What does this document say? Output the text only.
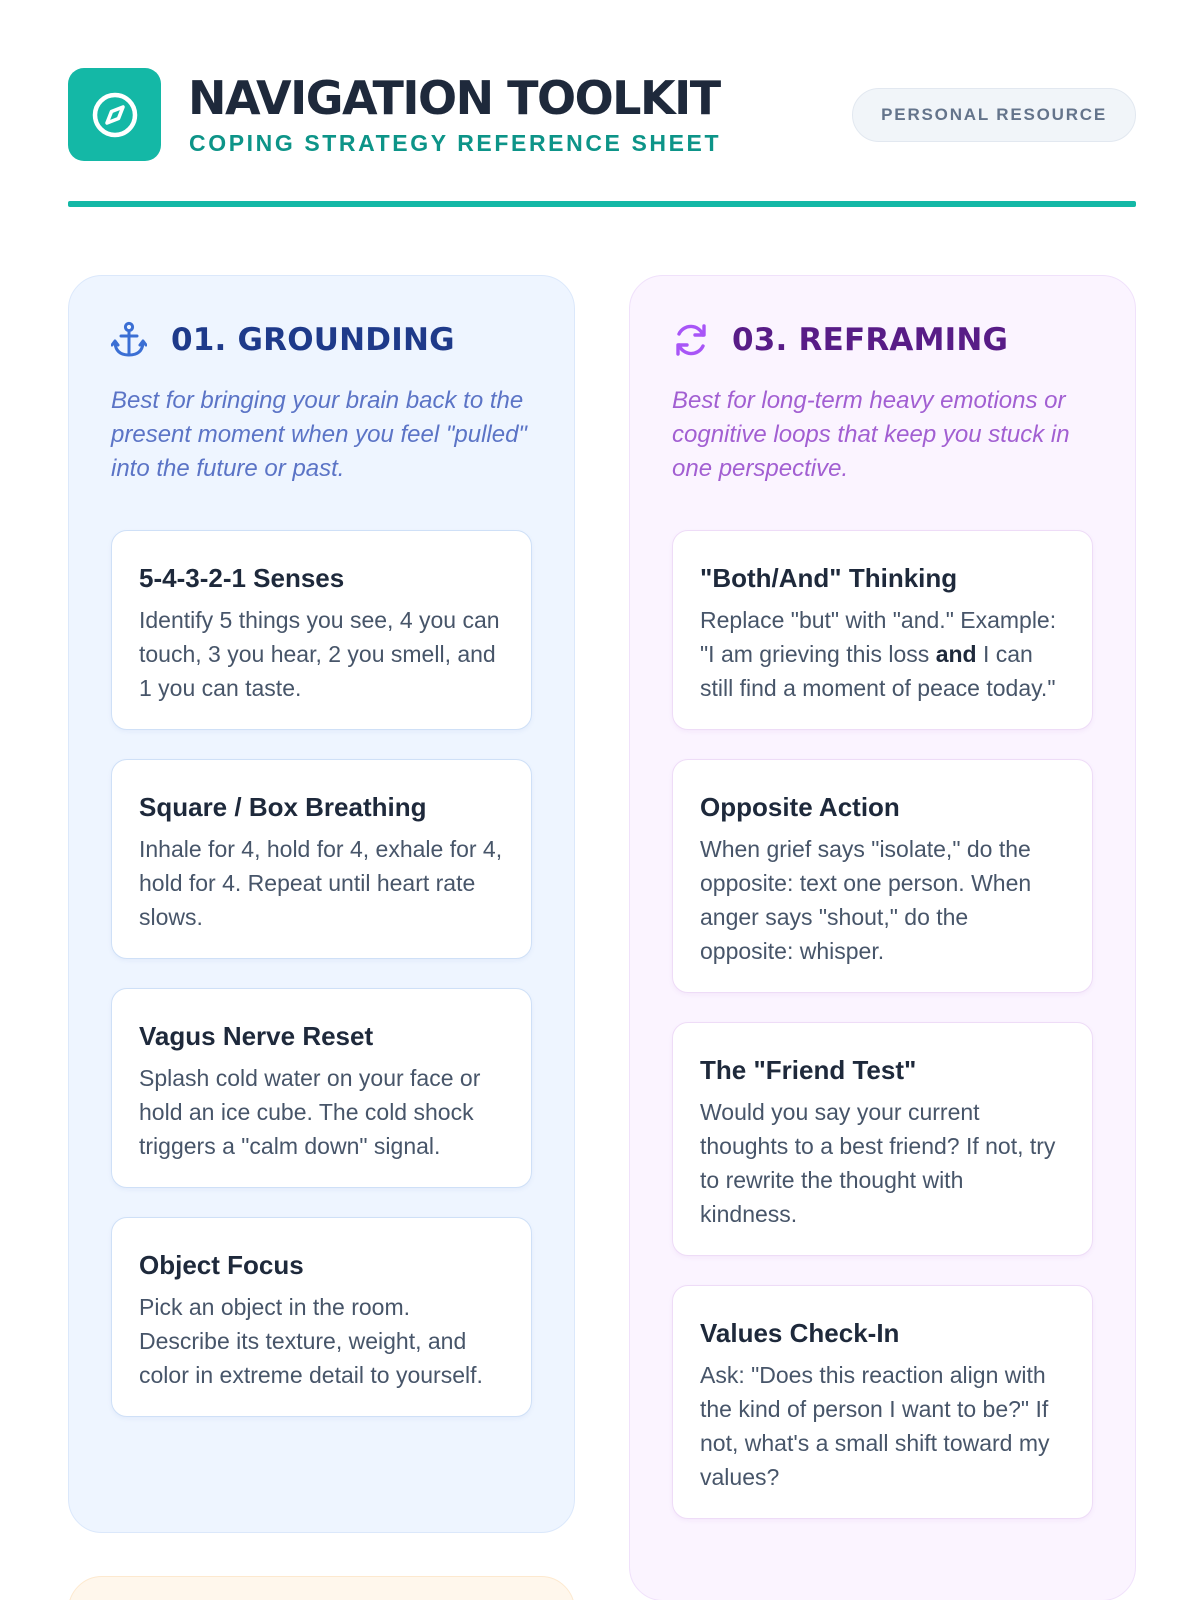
NAVIGATION TOOLKIT
COPING STRATEGY REFERENCE SHEET
PERSONAL RESOURCE
01. GROUNDING

Best for bringing your brain back to the present moment when you feel "pulled" into the future or past.

5-4-3-2-1 Senses

Identify 5 things you see, 4 you can touch, 3 you hear, 2 you smell, and 1 you can taste.

Square / Box Breathing

Inhale for 4, hold for 4, exhale for 4, hold for 4. Repeat until heart rate slows.

Vagus Nerve Reset

Splash cold water on your face or hold an ice cube. The cold shock triggers a "calm down" signal.

Object Focus

Pick an object in the room. Describe its texture, weight, and color in extreme detail to yourself.

03. REFRAMING

Best for long-term heavy emotions or cognitive loops that keep you stuck in one perspective.

"Both/And" Thinking

Replace "but" with "and." Example: "I am grieving this loss and I can still find a moment of peace today."

Opposite Action

When grief says "isolate," do the opposite: text one person. When anger says "shout," do the opposite: whisper.

The "Friend Test"

Would you say your current thoughts to a best friend? If not, try to rewrite the thought with kindness.

Values Check-In

Ask: "Does this reaction align with the kind of person I want to be?" If not, what's a small shift toward my values?
